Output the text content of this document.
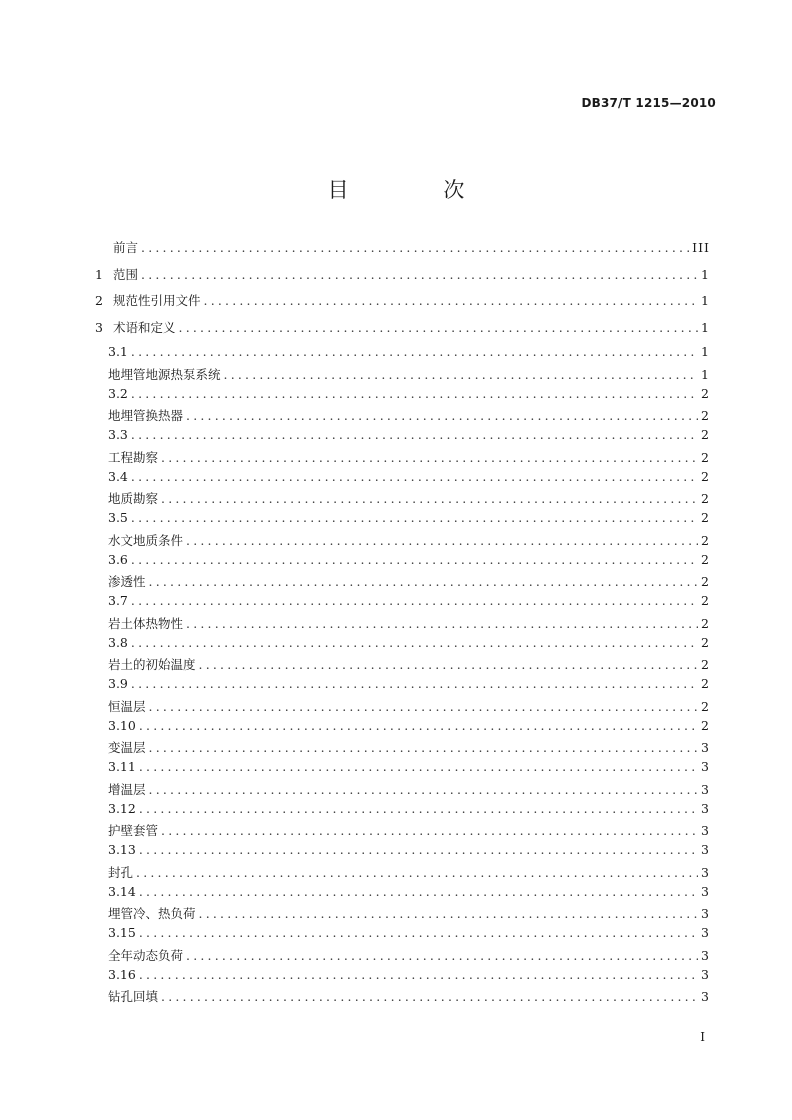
DB37/T 1215—2010
目 次
前言 .....	III
1 范围 .....	1
2 规范性引用文件 .....	1
3 术语和定义 .....	1
3.1 .....	1
地埋管地源热泵系统 .....	1
3.2 .....	2
地埋管换热器 .....	2
3.3 .....	2
工程勘察 .....	2
3.4 .....	2
地质勘察 .....	2
3.5 .....	2
水文地质条件 .....	2
3.6 .....	2
渗透性 .....	2
3.7 .....	2
岩土体热物性 .....	2
3.8 .....	2
岩土的初始温度 .....	2
3.9 .....	2
恒温层 .....	2
3.10 .....	2
变温层 .....	3
3.11 .....	3
增温层 .....	3
3.12 .....	3
护壁套管 .....	3
3.13 .....	3
封孔 .....	3
3.14 .....	3
埋管冷、热负荷 .....	3
3.15 .....	3
全年动态负荷 .....	3
3.16 .....	3
钻孔回填 .....	3
I
